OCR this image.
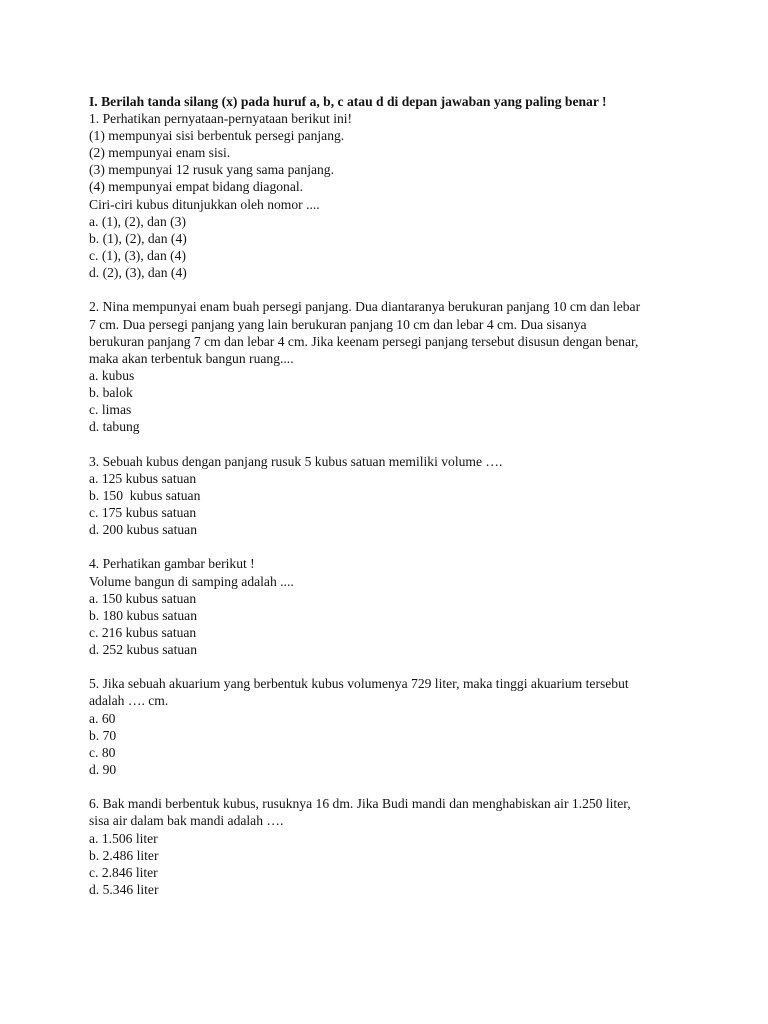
I. Berilah tanda silang (x) pada huruf a, b, c atau d di depan jawaban yang paling benar !
1. Perhatikan pernyataan-pernyataan berikut ini!
(1) mempunyai sisi berbentuk persegi panjang.
(2) mempunyai enam sisi.
(3) mempunyai 12 rusuk yang sama panjang.
(4) mempunyai empat bidang diagonal.
Ciri-ciri kubus ditunjukkan oleh nomor ....
a. (1), (2), dan (3)
b. (1), (2), dan (4)
c. (1), (3), dan (4)
d. (2), (3), dan (4)
2. Nina mempunyai enam buah persegi panjang. Dua diantaranya berukuran panjang 10 cm dan lebar
7 cm. Dua persegi panjang yang lain berukuran panjang 10 cm dan lebar 4 cm. Dua sisanya
berukuran panjang 7 cm dan lebar 4 cm. Jika keenam persegi panjang tersebut disusun dengan benar,
maka akan terbentuk bangun ruang....
a. kubus
b. balok
c. limas
d. tabung
3. Sebuah kubus dengan panjang rusuk 5 kubus satuan memiliki volume ….
a. 125 kubus satuan
b. 150  kubus satuan
c. 175 kubus satuan
d. 200 kubus satuan
4. Perhatikan gambar berikut !
Volume bangun di samping adalah ....
a. 150 kubus satuan
b. 180 kubus satuan
c. 216 kubus satuan
d. 252 kubus satuan
5. Jika sebuah akuarium yang berbentuk kubus volumenya 729 liter, maka tinggi akuarium tersebut
adalah …. cm.
a. 60
b. 70
c. 80
d. 90
6. Bak mandi berbentuk kubus, rusuknya 16 dm. Jika Budi mandi dan menghabiskan air 1.250 liter,
sisa air dalam bak mandi adalah ….
a. 1.506 liter
b. 2.486 liter
c. 2.846 liter
d. 5.346 liter
